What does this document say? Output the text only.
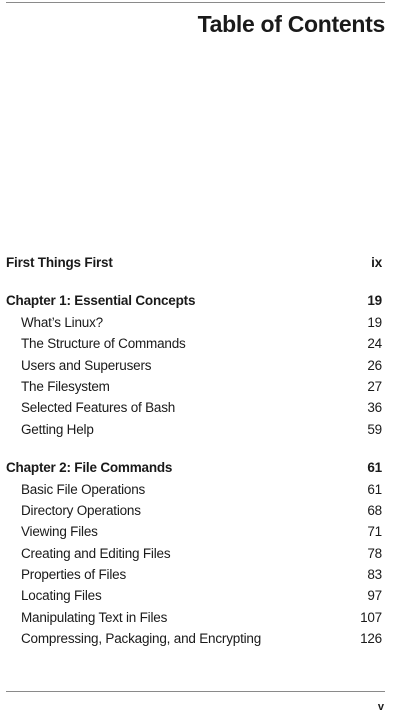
Table of Contents
First Things First	ix
Chapter 1: Essential Concepts	19
What’s Linux?	19
The Structure of Commands	24
Users and Superusers	26
The Filesystem	27
Selected Features of Bash	36
Getting Help	59
Chapter 2: File Commands	61
Basic File Operations	61
Directory Operations	68
Viewing Files	71
Creating and Editing Files	78
Properties of Files	83
Locating Files	97
Manipulating Text in Files	107
Compressing, Packaging, and Encrypting	126
v
